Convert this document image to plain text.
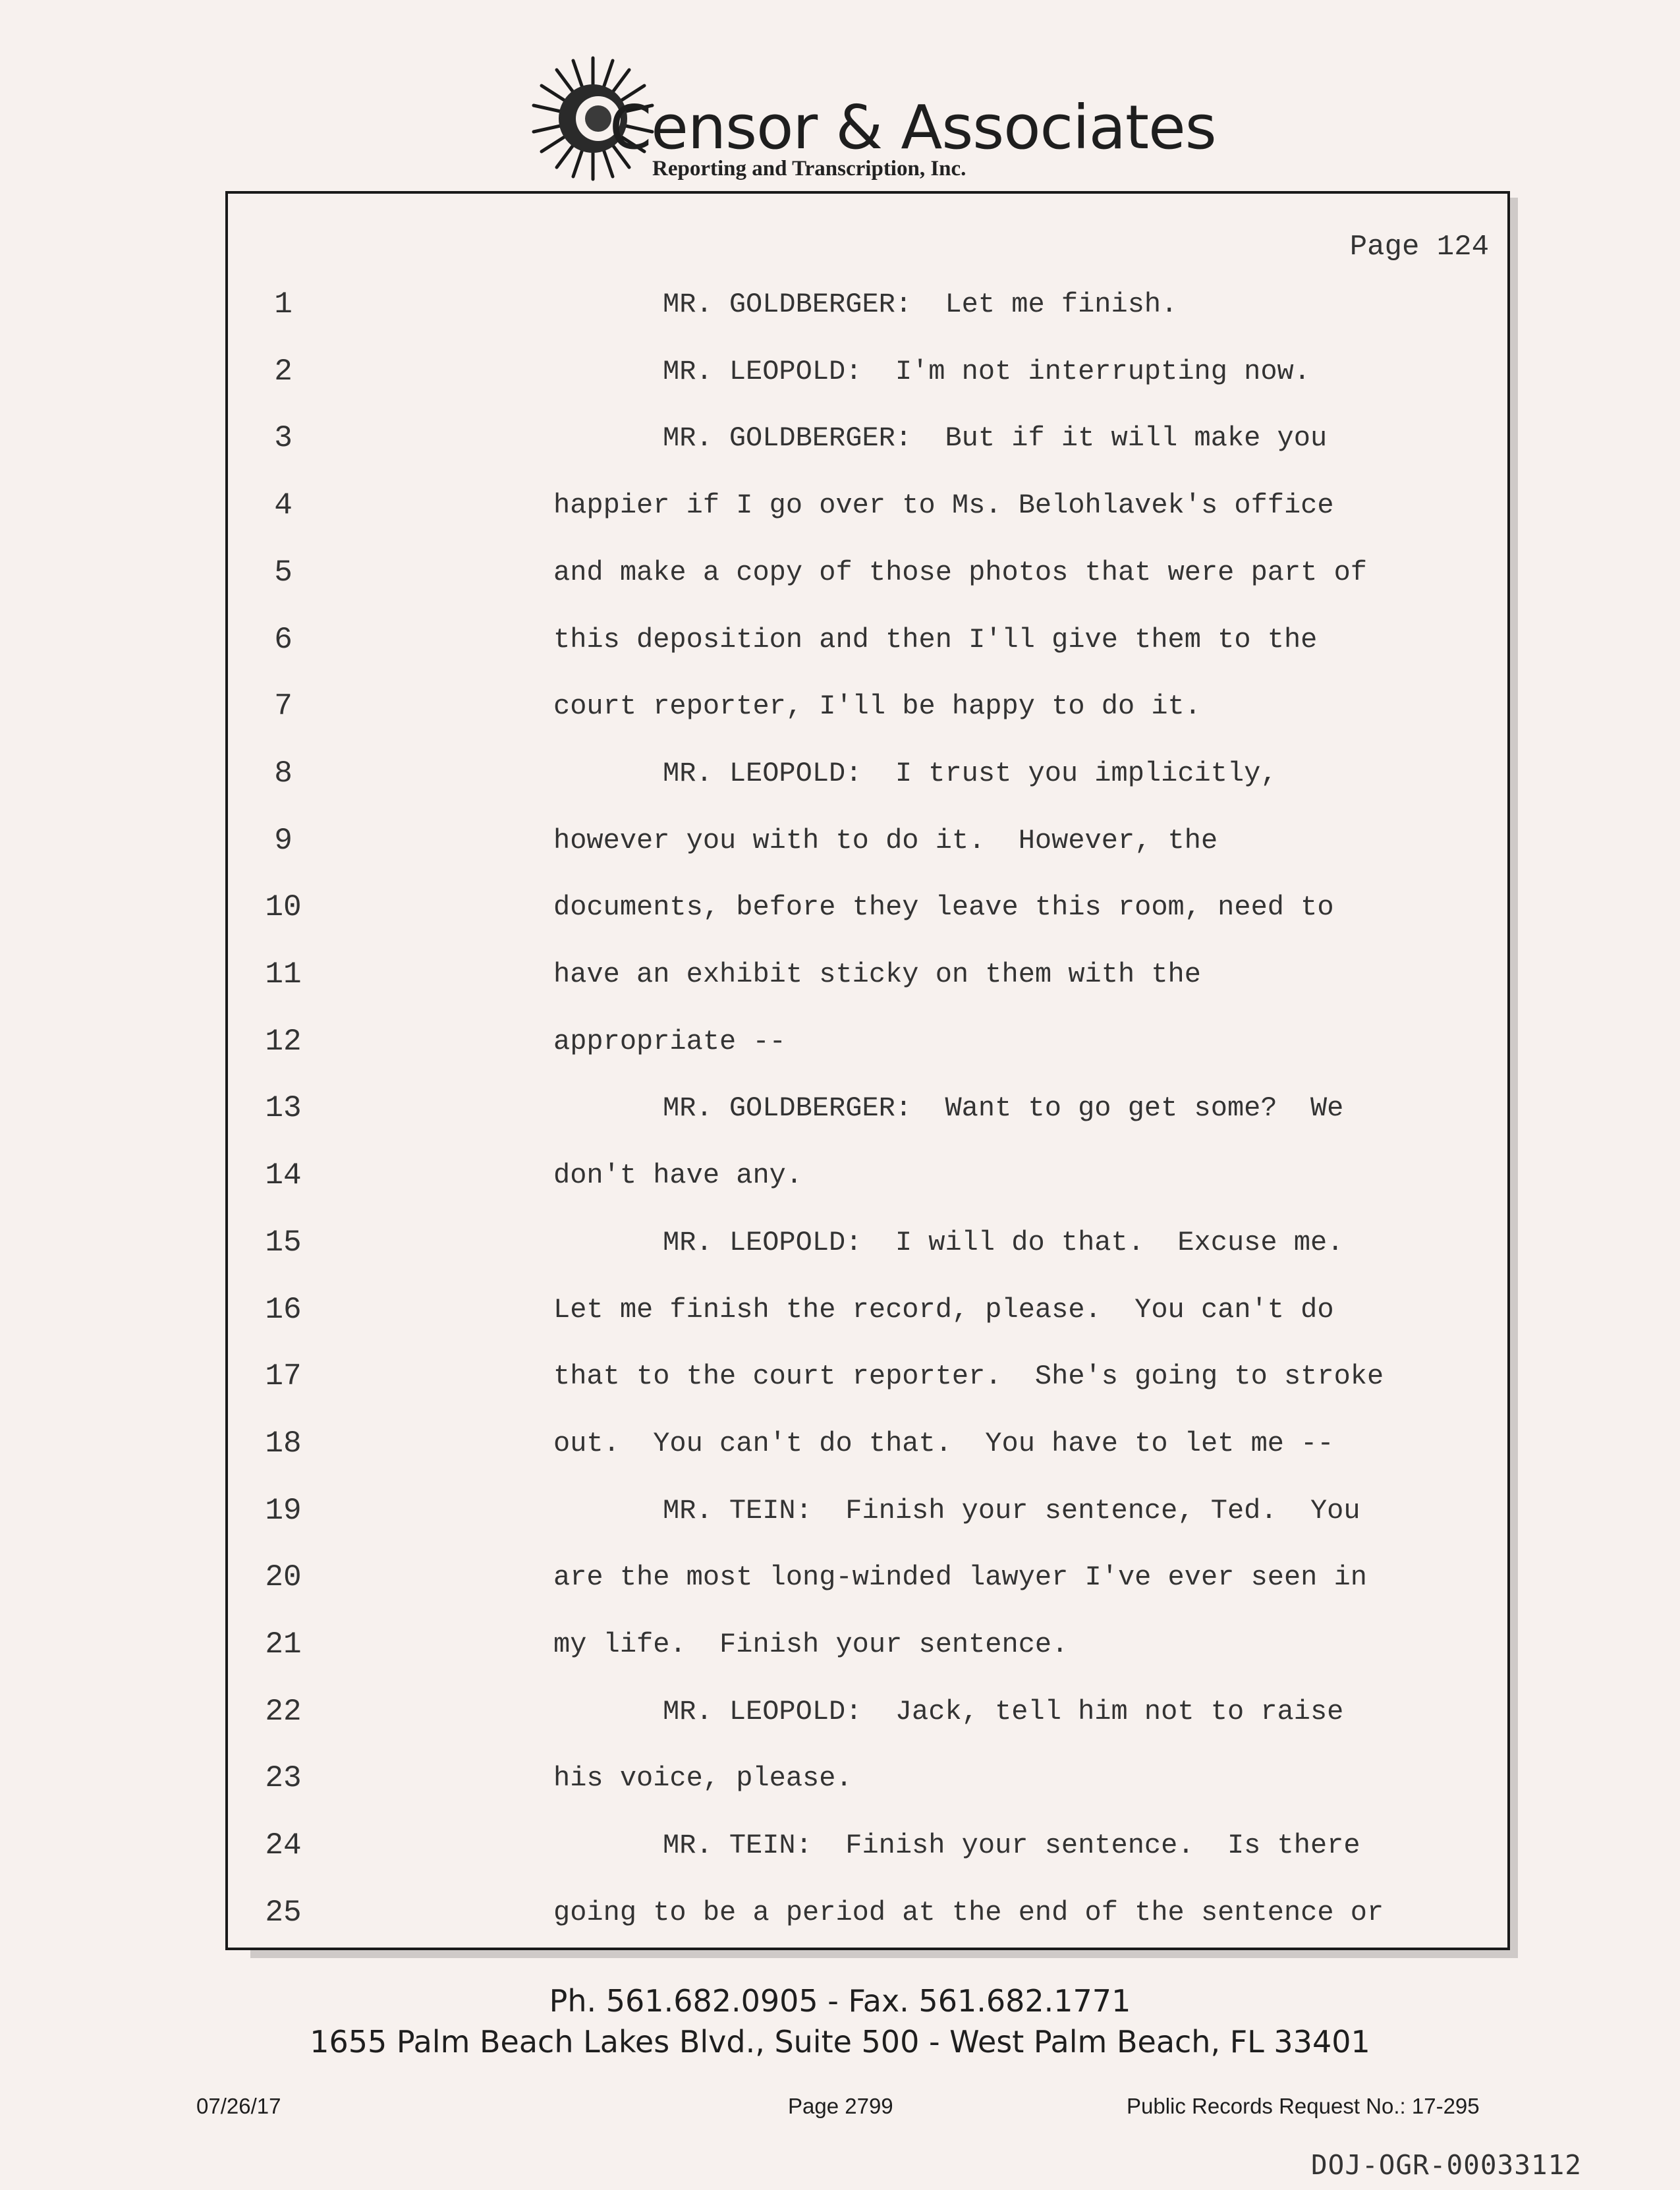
Censor & Associates
Reporting and Transcription, Inc.
Page 124
1	MR. GOLDBERGER:  Let me finish.
2	MR. LEOPOLD:  I'm not interrupting now.
3	MR. GOLDBERGER:  But if it will make you
4	happier if I go over to Ms. Belohlavek's office
5	and make a copy of those photos that were part of
6	this deposition and then I'll give them to the
7	court reporter, I'll be happy to do it.
8	MR. LEOPOLD:  I trust you implicitly,
9	however you with to do it.  However, the
10	documents, before they leave this room, need to
11	have an exhibit sticky on them with the
12	appropriate --
13	MR. GOLDBERGER:  Want to go get some?  We
14	don't have any.
15	MR. LEOPOLD:  I will do that.  Excuse me.
16	Let me finish the record, please.  You can't do
17	that to the court reporter.  She's going to stroke
18	out.  You can't do that.  You have to let me --
19	MR. TEIN:  Finish your sentence, Ted.  You
20	are the most long-winded lawyer I've ever seen in
21	my life.  Finish your sentence.
22	MR. LEOPOLD:  Jack, tell him not to raise
23	his voice, please.
24	MR. TEIN:  Finish your sentence.  Is there
25	going to be a period at the end of the sentence or
Ph. 561.682.0905 - Fax. 561.682.1771
1655 Palm Beach Lakes Blvd., Suite 500 - West Palm Beach, FL 33401
07/26/17	Page 2799	Public Records Request No.: 17-295
DOJ-OGR-00033112
